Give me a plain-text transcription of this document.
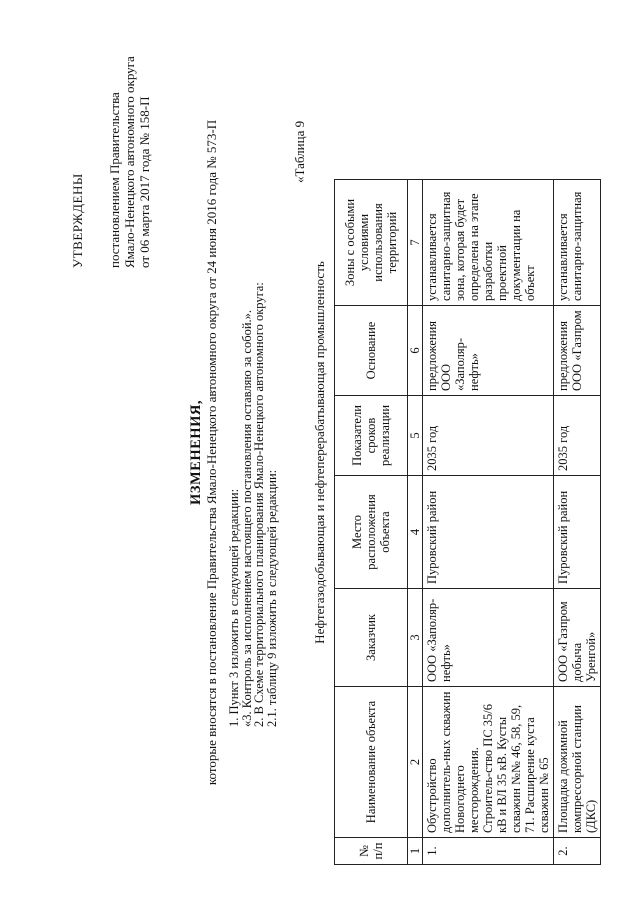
УТВЕРЖДЕНЫ постановлением Правительства Ямало-Ненецкого автономного округа от 06 марта 2017 года № 158-П
ИЗМЕНЕНИЯ, которые вносятся в постановление Правительства Ямало-Ненецкого автономного округа от 24 июня 2016 года № 573-П 1. Пункт 3 изложить в следующей редакции:
«3. Контроль за исполнением настоящего постановления оставляю за собой.».
2. В Схеме территориального планирования Ямало-Ненецкого автономного округа:
2.1. таблицу 9 изложить в следующей редакции:
«Таблица 9
Нефтегазодобывающая и нефтеперерабатывающая промышленность
№ п/п	Наименование объекта	Заказчик	Место расположения объекта	Показатели сроков реализации	Основание	Зоны с особыми условиями использования территорий
1	2	3	4	5	6	7
1.	Обустройство дополнитель-ных скважин Новогоднего месторождения. Строитель-ство ПС 35/6 кВ и ВЛ 35 кВ. Кусты скважин №№ 46, 58, 59, 71. Расширение куста скважин № 65	ООО «Заполяр-нефть»	Пуровский район	2035 год	предложения ООО «Заполяр-нефть»	устанавливается санитарно-защитная зона, которая будет определена на этапе разработки проектной документации на объект
2.	Площадка дожимной компрессорной станции (ДКС)	ООО «Газпром добыча Уренгой»	Пуровский район	2035 год	предложения ООО «Газпром	устанавливается санитарно-защитная
